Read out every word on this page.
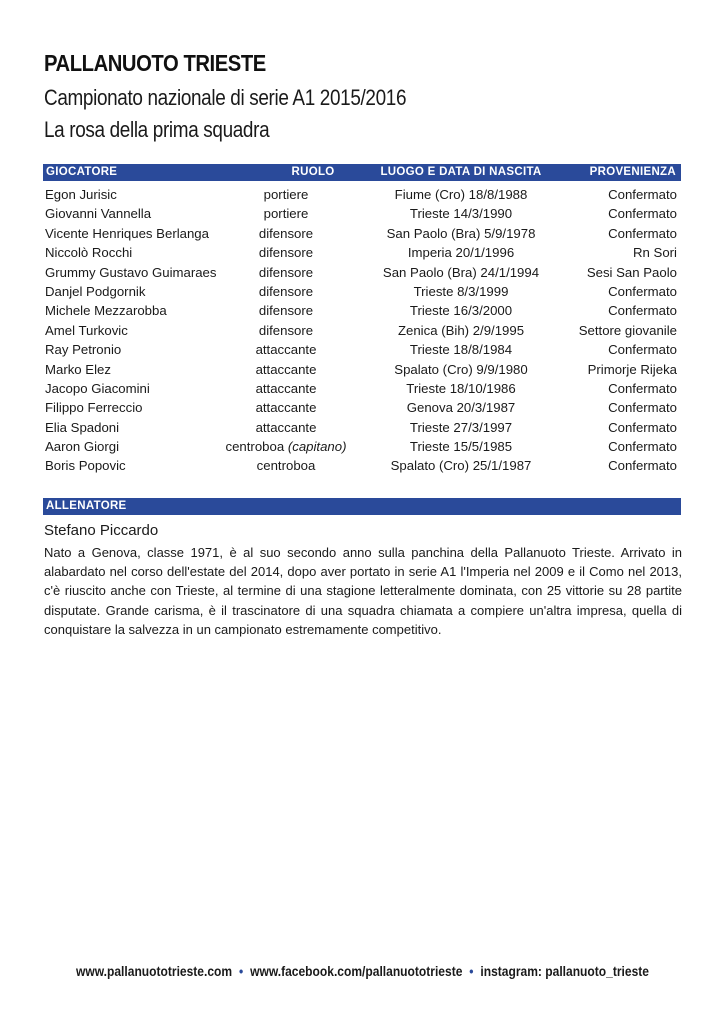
PALLANUOTO TRIESTE
Campionato nazionale di serie A1 2015/2016
La rosa della prima squadra
GIOCATORE	RUOLO	LUOGO E DATA DI NASCITA	PROVENIENZA
Egon Jurisic	portiere	Fiume (Cro) 18/8/1988	Confermato
Giovanni Vannella	portiere	Trieste 14/3/1990	Confermato
Vicente Henriques Berlanga	difensore	San Paolo (Bra) 5/9/1978	Confermato
Niccolò Rocchi	difensore	Imperia 20/1/1996	Rn Sori
Grummy Gustavo Guimaraes	difensore	San Paolo (Bra) 24/1/1994	Sesi San Paolo
Danjel Podgornik	difensore	Trieste 8/3/1999	Confermato
Michele Mezzarobba	difensore	Trieste 16/3/2000	Confermato
Amel Turkovic	difensore	Zenica (Bih) 2/9/1995	Settore giovanile
Ray Petronio	attaccante	Trieste 18/8/1984	Confermato
Marko Elez	attaccante	Spalato (Cro) 9/9/1980	Primorje Rijeka
Jacopo Giacomini	attaccante	Trieste 18/10/1986	Confermato
Filippo Ferreccio	attaccante	Genova 20/3/1987	Confermato
Elia Spadoni	attaccante	Trieste 27/3/1997	Confermato
Aaron Giorgi	centroboa (capitano)	Trieste 15/5/1985	Confermato
Boris Popovic	centroboa	Spalato (Cro) 25/1/1987	Confermato
ALLENATORE
Stefano Piccardo
Nato a Genova, classe 1971, è al suo secondo anno sulla panchina della Pallanuoto Trieste. Arrivato in alabardato nel corso dell'estate del 2014, dopo aver portato in serie A1 l'Imperia nel 2009 e il Como nel 2013, c'è riuscito anche con Trieste, al termine di una stagione letteralmente dominata, con 25 vittorie su 28 partite disputate. Grande carisma, è il trascinatore di una squadra chiamata a compiere un'altra impresa, quella di conquistare la salvezza in un campionato estremamente competitivo.
www.pallanuototrieste.com • www.facebook.com/pallanuototrieste • instagram: pallanuoto_trieste
